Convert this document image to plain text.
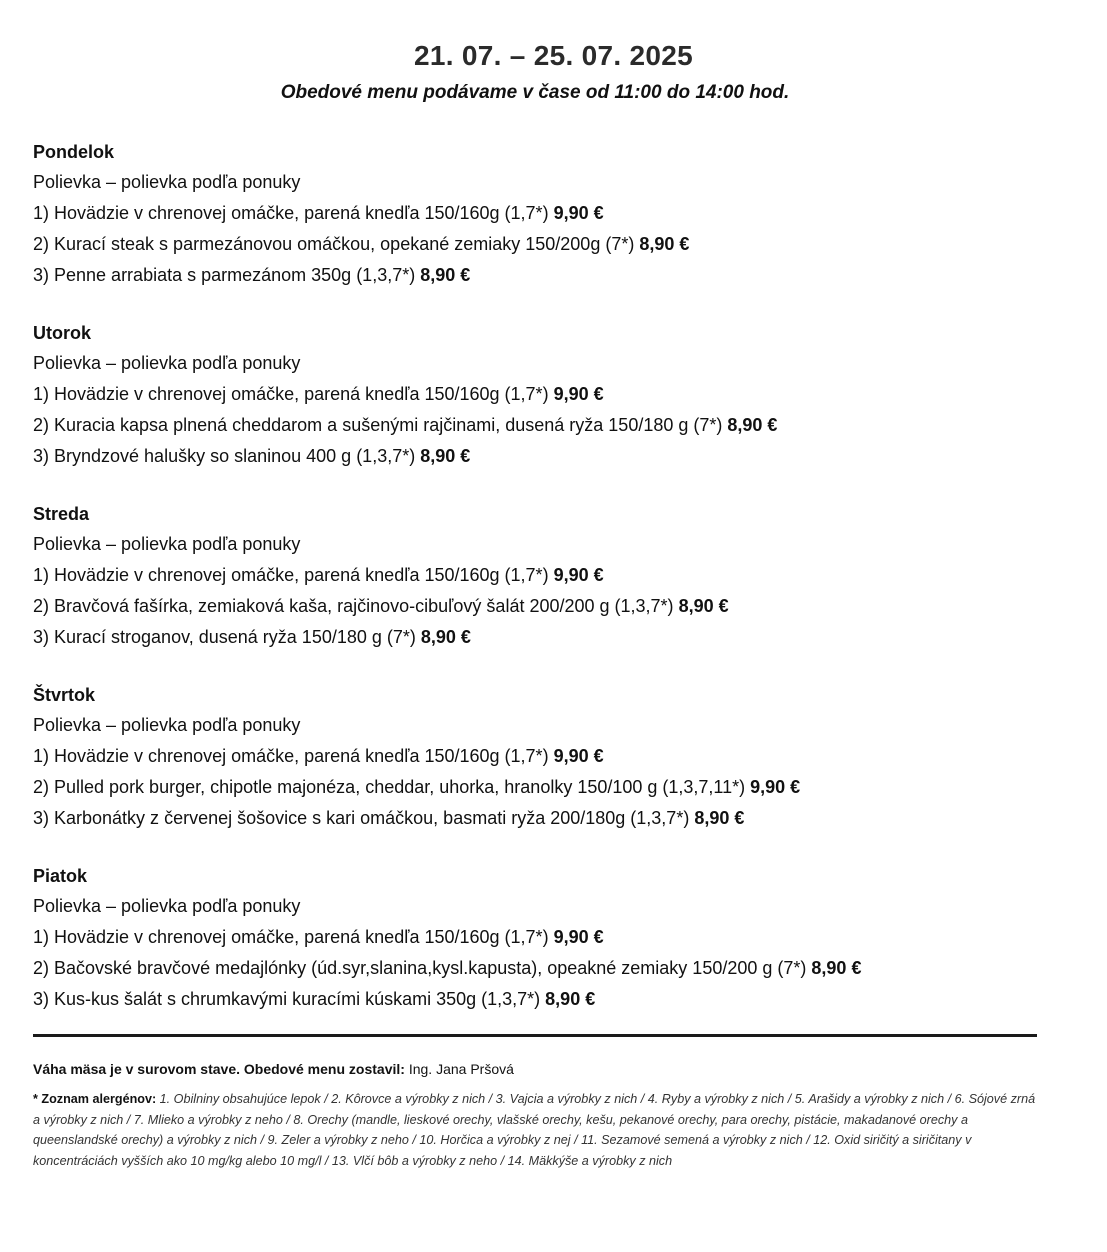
21. 07. – 25. 07. 2025
Obedové menu podávame v čase od 11:00 do 14:00 hod.
Pondelok
Polievka – polievka podľa ponuky
1) Hovädzie v chrenovej omáčke, parená knedľa 150/160g (1,7*) 9,90 €
2) Kurací steak s parmezánovou omáčkou, opekané zemiaky 150/200g (7*) 8,90 €
3) Penne arrabiata s parmezánom 350g (1,3,7*) 8,90 €
Utorok
Polievka – polievka podľa ponuky
1) Hovädzie v chrenovej omáčke, parená knedľa 150/160g (1,7*) 9,90 €
2) Kuracia kapsa plnená cheddarom a sušenými rajčinami, dusená ryža 150/180 g (7*) 8,90 €
3) Bryndzové halušky so slaninou 400 g (1,3,7*) 8,90 €
Streda
Polievka – polievka podľa ponuky
1) Hovädzie v chrenovej omáčke, parená knedľa 150/160g (1,7*) 9,90 €
2) Bravčová fašírka, zemiaková kaša, rajčinovo-cibuľový šalát 200/200 g (1,3,7*) 8,90 €
3) Kurací stroganov, dusená ryža 150/180 g (7*) 8,90 €
Štvrtok
Polievka – polievka podľa ponuky
1) Hovädzie v chrenovej omáčke, parená knedľa 150/160g (1,7*) 9,90 €
2) Pulled pork burger, chipotle majonéza, cheddar, uhorka, hranolky 150/100 g (1,3,7,11*) 9,90 €
3) Karbonátky z červenej šošovice s kari omáčkou, basmati ryža 200/180g (1,3,7*) 8,90 €
Piatok
Polievka – polievka podľa ponuky
1) Hovädzie v chrenovej omáčke, parená knedľa 150/160g (1,7*) 9,90 €
2) Bačovské bravčové medajlónky (úd.syr,slanina,kysl.kapusta), opeakné zemiaky 150/200 g (7*) 8,90 €
3) Kus-kus šalát s chrumkavými kuracími kúskami 350g (1,3,7*) 8,90 €
Váha mäsa je v surovom stave. Obedové menu zostavil: Ing. Jana Pršová
* Zoznam alergénov: 1. Obilniny obsahujúce lepok / 2. Kôrovce a výrobky z nich / 3. Vajcia a výrobky z nich / 4. Ryby a výrobky z nich / 5. Arašidy a výrobky z nich / 6. Sójové zrná a výrobky z nich / 7. Mlieko a výrobky z neho / 8. Orechy (mandle, lieskové orechy, vlašské orechy, kešu, pekanové orechy, para orechy, pistácie, makadanové orechy a queenslandské orechy) a výrobky z nich / 9. Zeler a výrobky z neho / 10. Horčica a výrobky z nej / 11. Sezamové semená a výrobky z nich / 12. Oxid siričitý a siričitany v koncentráciách vyšších ako 10 mg/kg alebo 10 mg/l / 13. Vlčí bôb a výrobky z neho / 14. Mäkkýše a výrobky z nich
